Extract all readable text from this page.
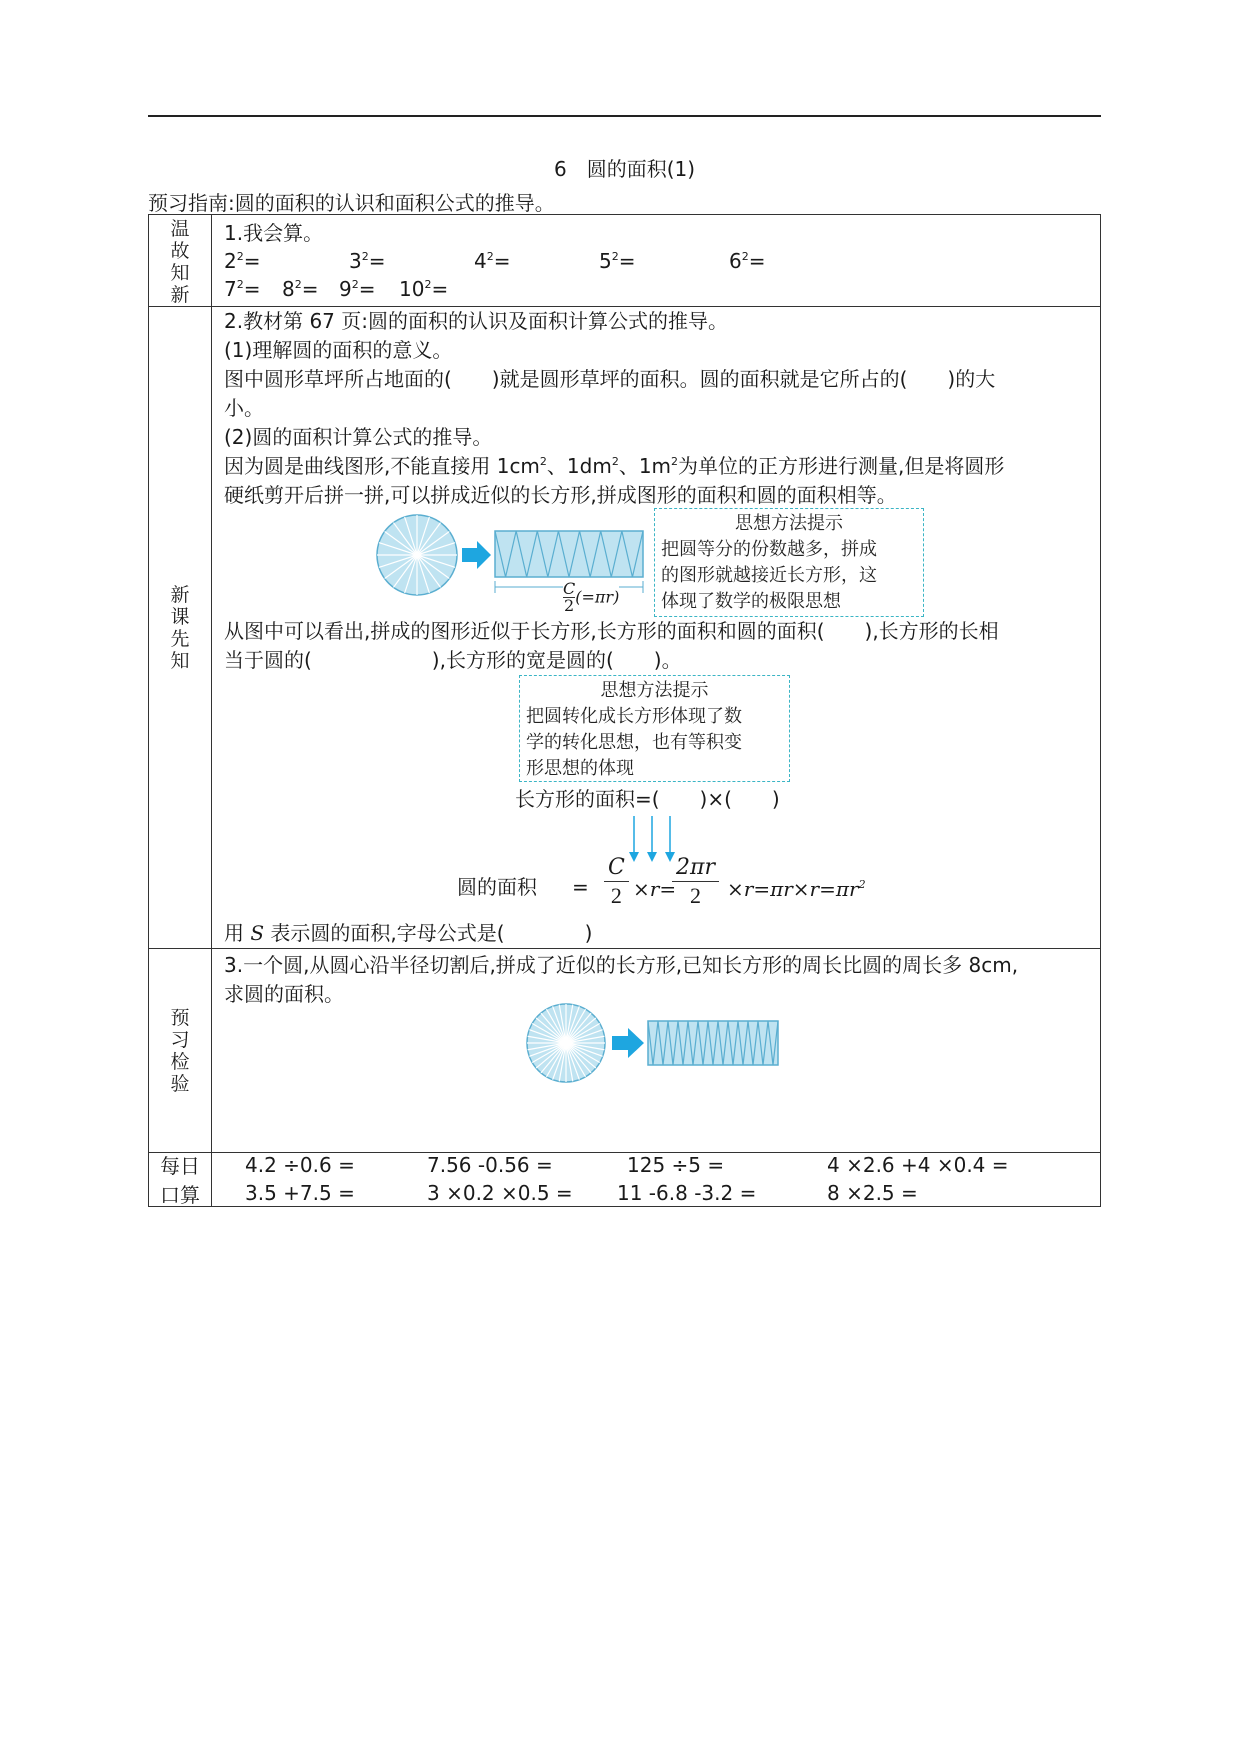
6　圆的面积(1)
预习指南:圆的面积的认识和面积公式的推导。
温
故
知
新
1.我会算。
$2^2=$	$3^2=$	$4^2=$	$5^2=$	$6^2=$
$7^2= 8^2= 9^2= 10^2=$
新
课
先
知
2.教材第 67 页:圆的面积的认识及面积计算公式的推导。
(1)理解圆的面积的意义。
图中圆形草坪所占地面的(　　)就是圆形草坪的面积。圆的面积就是它所占的(　　)的大
小。
(2)圆的面积计算公式的推导。
因为圆是曲线图形,不能直接用 $1cm^2$、$1dm^2$、$1m^2$为单位的正方形进行测量,但是将圆形
硬纸剪开后拼一拼,可以拼成近似的长方形,拼成图形的面积和圆的面积相等。
$\frac{C}{2} (=\pi r)$
思想方法提示
把圆等分的份数越多，拼成
的图形就越接近长方形，这
体现了数学的极限思想
从图中可以看出,拼成的图形近似于长方形,长方形的面积和圆的面积(　　),长方形的长相
当于圆的(　　　　　　),长方形的宽是圆的(　　)。
思想方法提示
把圆转化成长方形体现了数
学的转化思想，也有等积变
形思想的体现
长方形的面积=(　　)×(　　)
圆的面积 = $\frac{C}{2} \times r=$
$\frac{2\pi r}{2} \times r=\pi r\times r=\pi r^2$
用 S 表示圆的面积,字母公式是(　　　　)
预
习
检
验
3.一个圆,从圆心沿半径切割后,拼成了近似的长方形,已知长方形的周长比圆的周长多 8cm,
求圆的面积。
每日
口算
4.2 ÷0.6 =	7.56 -0.56 =	125 ÷5 =	4 ×2.6 +4 ×0.4 =
3.5 +7.5 =	3 ×0.2 ×0.5 = 11 -6.8 -3.2 =	8 ×2.5 =
